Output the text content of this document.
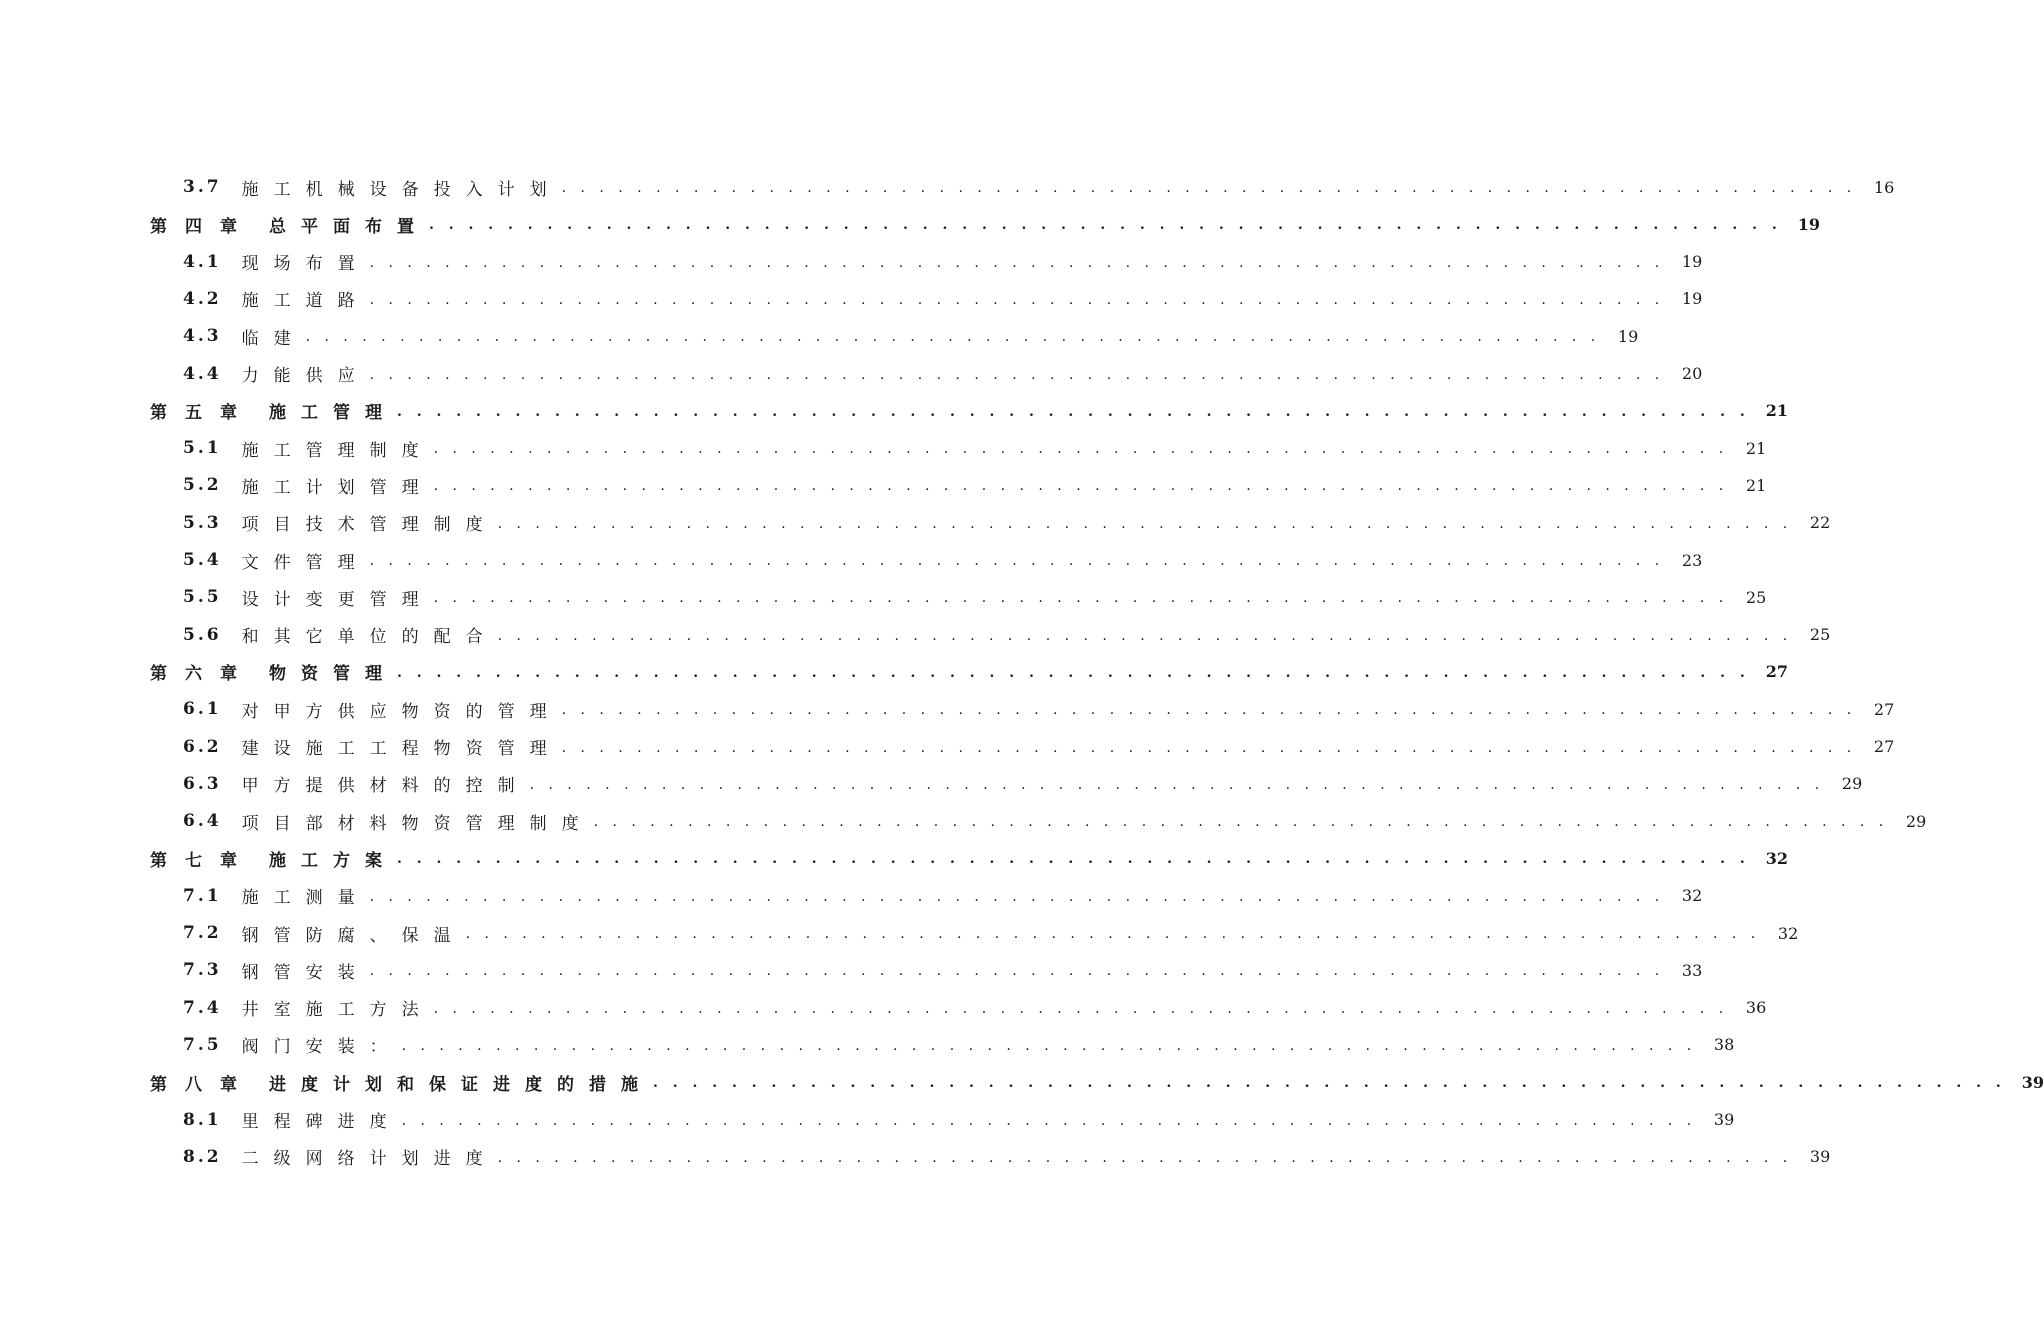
3.7 施工机械设备投入计划 . . . . . . . . . . . . . . . . . . . . . . . . . . . . . . . . . . . . . . . . . . . . . . . . . . . . . . . . . . . . . . . . . . . . . 16
第四章 总平面布置 . . . . . . . . . . . . . . . . . . . . . . . . . . . . . . . . . . . . . . . . . . . . . . . . . . . . . . . . . . . . . . . . . . . . . 19
4.1 现场布置 . . . . . . . . . . . . . . . . . . . . . . . . . . . . . . . . . . . . . . . . . . . . . . . . . . . . . . . . . . . . . . . . . . . . . 19
4.2 施工道路 . . . . . . . . . . . . . . . . . . . . . . . . . . . . . . . . . . . . . . . . . . . . . . . . . . . . . . . . . . . . . . . . . . . . . 19
4.3 临建 . . . . . . . . . . . . . . . . . . . . . . . . . . . . . . . . . . . . . . . . . . . . . . . . . . . . . . . . . . . . . . . . . . . . . 19
4.4 力能供应 . . . . . . . . . . . . . . . . . . . . . . . . . . . . . . . . . . . . . . . . . . . . . . . . . . . . . . . . . . . . . . . . . . . . . 20
第五章 施工管理 . . . . . . . . . . . . . . . . . . . . . . . . . . . . . . . . . . . . . . . . . . . . . . . . . . . . . . . . . . . . . . . . . . . . . 21
5.1 施工管理制度 . . . . . . . . . . . . . . . . . . . . . . . . . . . . . . . . . . . . . . . . . . . . . . . . . . . . . . . . . . . . . . . . . . . . . 21
5.2 施工计划管理 . . . . . . . . . . . . . . . . . . . . . . . . . . . . . . . . . . . . . . . . . . . . . . . . . . . . . . . . . . . . . . . . . . . . . 21
5.3 项目技术管理制度 . . . . . . . . . . . . . . . . . . . . . . . . . . . . . . . . . . . . . . . . . . . . . . . . . . . . . . . . . . . . . . . . . . . . . 22
5.4 文件管理 . . . . . . . . . . . . . . . . . . . . . . . . . . . . . . . . . . . . . . . . . . . . . . . . . . . . . . . . . . . . . . . . . . . . . 23
5.5 设计变更管理 . . . . . . . . . . . . . . . . . . . . . . . . . . . . . . . . . . . . . . . . . . . . . . . . . . . . . . . . . . . . . . . . . . . . . 25
5.6 和其它单位的配合 . . . . . . . . . . . . . . . . . . . . . . . . . . . . . . . . . . . . . . . . . . . . . . . . . . . . . . . . . . . . . . . . . . . . . 25
第六章 物资管理 . . . . . . . . . . . . . . . . . . . . . . . . . . . . . . . . . . . . . . . . . . . . . . . . . . . . . . . . . . . . . . . . . . . . . 27
6.1 对甲方供应物资的管理 . . . . . . . . . . . . . . . . . . . . . . . . . . . . . . . . . . . . . . . . . . . . . . . . . . . . . . . . . . . . . . . . . . . . . 27
6.2 建设施工工程物资管理 . . . . . . . . . . . . . . . . . . . . . . . . . . . . . . . . . . . . . . . . . . . . . . . . . . . . . . . . . . . . . . . . . . . . . 27
6.3 甲方提供材料的控制 . . . . . . . . . . . . . . . . . . . . . . . . . . . . . . . . . . . . . . . . . . . . . . . . . . . . . . . . . . . . . . . . . . . . . 29
6.4 项目部材料物资管理制度 . . . . . . . . . . . . . . . . . . . . . . . . . . . . . . . . . . . . . . . . . . . . . . . . . . . . . . . . . . . . . . . . . . . . . 29
第七章 施工方案 . . . . . . . . . . . . . . . . . . . . . . . . . . . . . . . . . . . . . . . . . . . . . . . . . . . . . . . . . . . . . . . . . . . . . 32
7.1 施工测量 . . . . . . . . . . . . . . . . . . . . . . . . . . . . . . . . . . . . . . . . . . . . . . . . . . . . . . . . . . . . . . . . . . . . . 32
7.2 钢管防腐、保温 . . . . . . . . . . . . . . . . . . . . . . . . . . . . . . . . . . . . . . . . . . . . . . . . . . . . . . . . . . . . . . . . . . . . . 32
7.3 钢管安装 . . . . . . . . . . . . . . . . . . . . . . . . . . . . . . . . . . . . . . . . . . . . . . . . . . . . . . . . . . . . . . . . . . . . . 33
7.4 井室施工方法 . . . . . . . . . . . . . . . . . . . . . . . . . . . . . . . . . . . . . . . . . . . . . . . . . . . . . . . . . . . . . . . . . . . . . 36
7.5 阀门安装： . . . . . . . . . . . . . . . . . . . . . . . . . . . . . . . . . . . . . . . . . . . . . . . . . . . . . . . . . . . . . . . . . . . . . 38
第八章 进度计划和保证进度的措施 . . . . . . . . . . . . . . . . . . . . . . . . . . . . . . . . . . . . . . . . . . . . . . . . . . . . . . . . . . . . . . . . . . . . . 39
8.1 里程碑进度 . . . . . . . . . . . . . . . . . . . . . . . . . . . . . . . . . . . . . . . . . . . . . . . . . . . . . . . . . . . . . . . . . . . . . 39
8.2 二级网络计划进度 . . . . . . . . . . . . . . . . . . . . . . . . . . . . . . . . . . . . . . . . . . . . . . . . . . . . . . . . . . . . . . . . . . . . . 39
